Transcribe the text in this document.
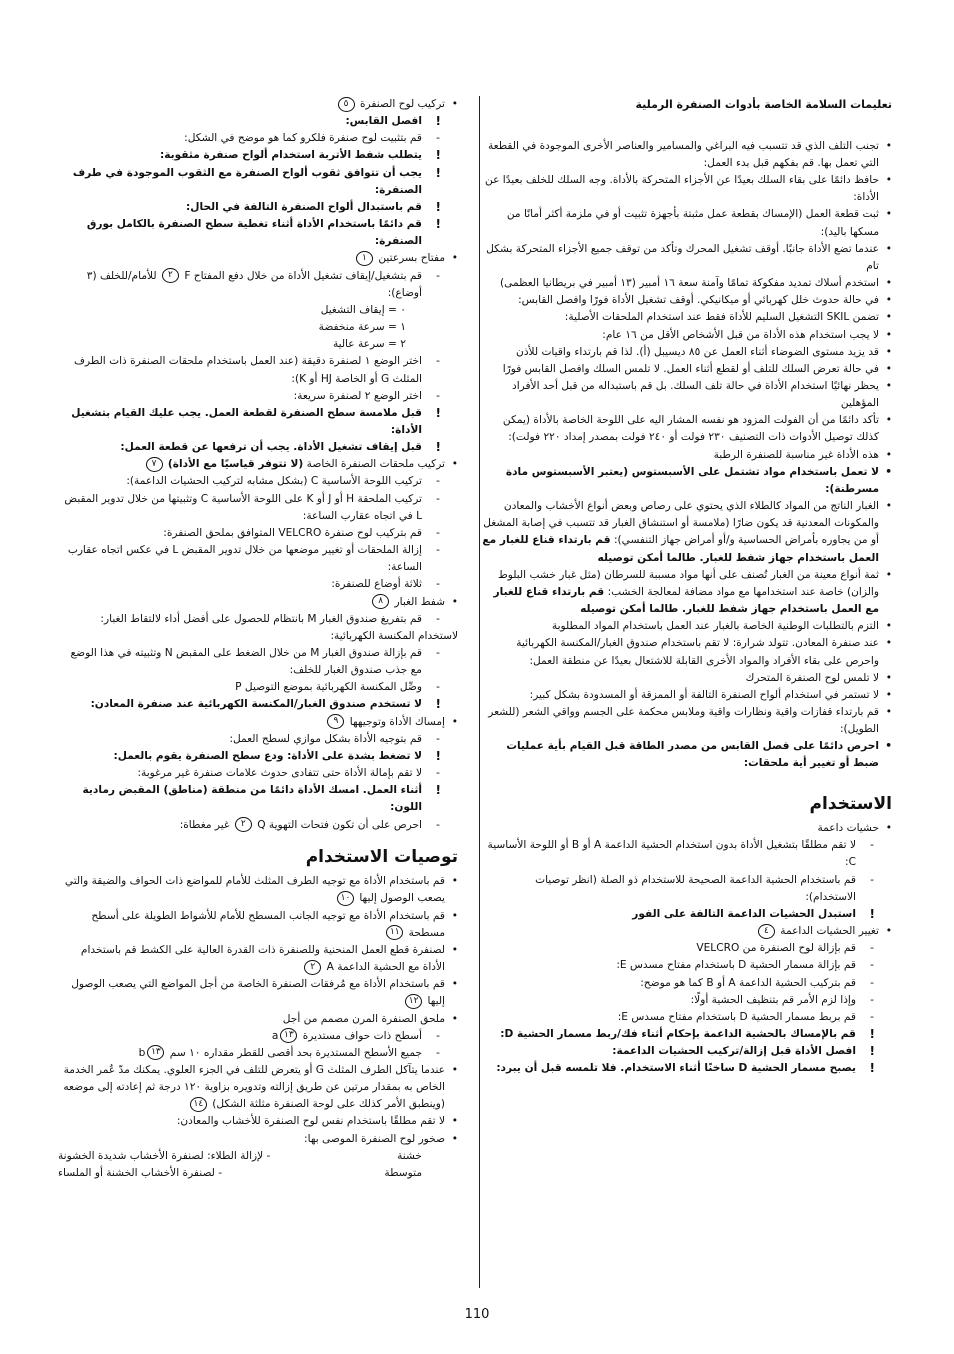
تعليمات السلامة الخاصة بأدوات الصنفرة الرملية

• تجنب التلف الذي قد تتسبب فيه البراغي والمسامير والعناصر الأخرى الموجودة في القطعة التي تعمل بها. قم بفكهم قبل بدء العمل:

• حافظ دائمًا على بقاء السلك بعيدًا عن الأجزاء المتحركة بالأداة. وجه السلك للخلف بعيدًا عن الأداة:

• ثبت قطعة العمل (الإمساك بقطعة عمل مثبتة بأجهزة تثبيت أو في ملزمة أكثر أمانًا من مسكها باليد):

• عندما تضع الأداة جانبًا. أوقف تشغيل المحرك وتأكد من توقف جميع الأجزاء المتحركة بشكل تام

• استخدم أسلاك تمديد مفكوكة تمامًا وآمنة سعة ١٦ أمبير (١٣ أمبير في بريطانيا العظمى)

• في حالة حدوث خلل كهربائي أو ميكانيكي. أوقف تشغيل الأداة فورًا وافصل القابس:

• تضمن SKIL التشغيل السليم للأداة فقط عند استخدام الملحقات الأصلية:

• لا يجب استخدام هذه الأداة من قبل الأشخاص الأقل من ١٦ عام:

• قد يزيد مستوى الضوضاء أثناء العمل عن ٨٥ ديسيبل (أ). لذا قم بارتداء واقيات للأذن

• في حالة تعرض السلك للتلف أو لقطع أثناء العمل. لا تلمس السلك وافصل القابس فورًا

• يحظر نهائيًا استخدام الأداة في حالة تلف السلك. بل قم باستبداله من قبل أحد الأفراد المؤهلين

• تأكد دائمًا من أن الفولت المزود هو نفسه المشار اليه على اللوحة الخاصة بالأداة (يمكن كذلك توصيل الأدوات ذات التصنيف ٢٣٠ فولت أو ٢٤٠ فولت بمصدر إمداد ٢٢٠ فولت):

• هذه الأداة غير مناسبة للصنفرة الرطبة

• لا تعمل باستخدام مواد تشتمل على الأسبستوس (يعتبر الأسبستوس مادة مسرطنة):

• الغبار الناتج من المواد كالطلاء الذي يحتوي على رصاص وبعض أنواع الأخشاب والمعادن والمكونات المعدنية قد يكون ضارًا (ملامسة أو استنشاق الغبار قد تتسبب في إصابة المشغل أو من يجاوره بأمراض الحساسية و/أو أمراض جهاز التنفسي): قم بارتداء قناع للغبار مع العمل باستخدام جهاز شفط للغبار. طالما أمكن توصيله

• ثمة أنواع معينة من الغبار تُصنف على أنها مواد مسببة للسرطان (مثل غبار خشب البلوط والزان) خاصة عند استخدامها مع مواد مضافة لمعالجة الخشب: قم بارتداء قناع للغبار مع العمل باستخدام جهاز شفط للغبار. طالما أمكن توصيله

• التزم بالتطلبات الوطنية الخاصة بالغبار عند العمل باستخدام المواد المطلوبة

• عند صنفرة المعادن. تتولد شرارة: لا تقم باستخدام صندوق الغبار/المكنسة الكهربائية واحرص على بقاء الأفراد والمواد الأخرى القابلة للاشتعال بعيدًا عن منطقة العمل:

• لا تلمس لوح الصنفرة المتحرك

• لا تستمر في استخدام ألواح الصنفرة التالفة أو الممزقة أو المسدودة بشكل كبير:

• قم بارتداء قفازات واقية ونظارات واقية وملابس محكمة على الجسم وواقي الشعر (للشعر الطويل):

• احرص دائمًا على فصل القابس من مصدر الطاقة قبل القيام بأية عمليات ضبط أو تغيير أية ملحقات:

الاستخدام

• حشيات داعمة

- لا تقم مطلقًا بتشغيل الأداة بدون استخدام الحشية الداعمة A أو B أو اللوحة الأساسية C:

- قم باستخدام الحشية الداعمة الصحيحة للاستخدام ذو الصلة (انظر توصيات الاستخدام):

! استبدل الحشيات الداعمة التالفة على الفور

• تغيير الحشيات الداعمة ٤

- قم بإزالة لوح الصنفرة من VELCRO

- قم بإزالة مسمار الحشية D باستخدام مفتاح مسدس E:

- قم بتركيب الحشية الداعمة A أو B كما هو موضح:

- وإذا لزم الأمر قم بتنظيف الحشية أولًا:

- قم بربط مسمار الحشية D باستخدام مفتاح مسدس E:

! قم بالإمساك بالحشية الداعمة بإحكام أثناء فك/ربط مسمار الحشية D:

! افصل الأداة قبل إزالة/تركيب الحشيات الداعمة:

! يصبح مسمار الحشية D ساخنًا أثناء الاستخدام. فلا تلمسه قبل أن يبرد:

• تركيب لوح الصنفرة ٥

! افصل القابس:

- قم بتثبيت لوح صنفرة فلكرو كما هو موضح في الشكل:

! يتطلب شفط الأتربة استخدام ألواح صنفرة مثقوبة:

! يجب أن تتوافق ثقوب ألواح الصنفرة مع الثقوب الموجودة في طرف الصنفرة:

! قم باستبدال ألواح الصنفرة التالفة في الحال:

! قم دائمًا باستخدام الأداة أثناء تغطية سطح الصنفرة بالكامل بورق الصنفرة:

• مفتاح بسرعتين ١

- قم بتشغيل/إيقاف تشغيل الأداة من خلال دفع المفتاح F ٢ للأمام/للخلف (٣ أوضاع):

٠ = إيقاف التشغيل

١ = سرعة منخفضة

٢ = سرعة عالية

- اختر الوضع ١ لصنفرة دقيقة (عند العمل باستخدام ملحقات الصنفرة ذات الطرف المثلث G أو الخاصة HJ أو K):

- اختر الوضع ٢ لصنفرة سريعة:

! قبل ملامسة سطح الصنفرة لقطعة العمل. يجب عليك القيام بتشغيل الأداة:

! قبل إيقاف تشغيل الأداة. يجب أن ترفعها عن قطعة العمل:

• تركيب ملحقات الصنفرة الخاصة (لا تتوفر قياسيًا مع الأداة) ٧

- تركيب اللوحة الأساسية C (بشكل مشابه لتركيب الحشيات الداعمة):

- تركيب الملحقة H أو J أو K على اللوحة الأساسية C وتثبيتها من خلال تدوير المقبض L في اتجاه عقارب الساعة:

- قم بتركيب لوح صنفرة VELCRO المتوافق بملحق الصنفرة:

- إزالة الملحقات أو تغيير موضعها من خلال تدوير المقبض L في عكس اتجاه عقارب الساعة:

- ثلاثة أوضاع للصنفرة:

• شفط الغبار ٨

- قم بتفريغ صندوق الغبار M بانتظام للحصول على أفضل أداء لالتقاط الغبار:

لاستخدام المكنسة الكهربائية:

- قم بإزالة صندوق الغبار M من خلال الضغط على المقبض N وتثبيته في هذا الوضع مع جذب صندوق الغبار للخلف:

- وصِّل المكنسة الكهربائية بموضع التوصيل P

! لا تستخدم صندوق الغبار/المكنسة الكهربائية عند صنفرة المعادن:

• إمساك الأداة وتوجيهها ٩

- قم بتوجيه الأداة بشكل موازي لسطح العمل:

! لا تضغط بشدة على الأداة: ودع سطح الصنفرة يقوم بالعمل:

- لا تقم بإمالة الأداة حتى تتفادى حدوث علامات صنفرة غير مرغوبة:

! أثناء العمل. امسك الأداة دائمًا من منطقة (مناطق) المقبض رمادية اللون:

- احرص على أن تكون فتحات التهوية Q ٢ غير مغطاة:

توصيات الاستخدام

• قم باستخدام الأداة مع توجيه الطرف المثلث للأمام للمواضع ذات الحواف والضيقة والتي يصعب الوصول إليها ١٠

• قم باستخدام الأداة مع توجيه الجانب المسطح للأمام للأشواط الطويلة على أسطح مسطحة ١١

• لصنفرة قطع العمل المنحنية وللصنفرة ذات القدرة العالية على الكشط قم باستخدام الأداة مع الحشية الداعمة A ٢

• قم باستخدام الأداة مع مُرفقات الصنفرة الخاصة من أجل المواضع التي يصعب الوصول إليها ١٢

• ملحق الصنفرة المرن مصمم من أجل

- أسطح ذات حواف مستديرة ١٣a

- جميع الأسطح المستديرة بحد أقصى للقطر مقداره ١٠ سم ١٣b

• عندما يتآكل الطرف المثلث G أو يتعرض للتلف في الجزء العلوي. يمكنك مدّ عُمر الخدمة الخاص به بمقدار مرتين عن طريق إزالته وتدويره بزاوية ١٢٠ درجة ثم إعادته إلى موضعه (وينطبق الأمر كذلك على لوحة الصنفرة مثلثة الشكل) ١٤

• لا تقم مطلقًا باستخدام نفس لوح الصنفرة للأخشاب والمعادن:

• صخور لوح الصنفرة الموصى بها:

خشنة
- لإزالة الطلاء: لصنفرة الأخشاب شديدة الخشونة
متوسطة
- لصنفرة الأخشاب الخشنة أو الملساء
110
